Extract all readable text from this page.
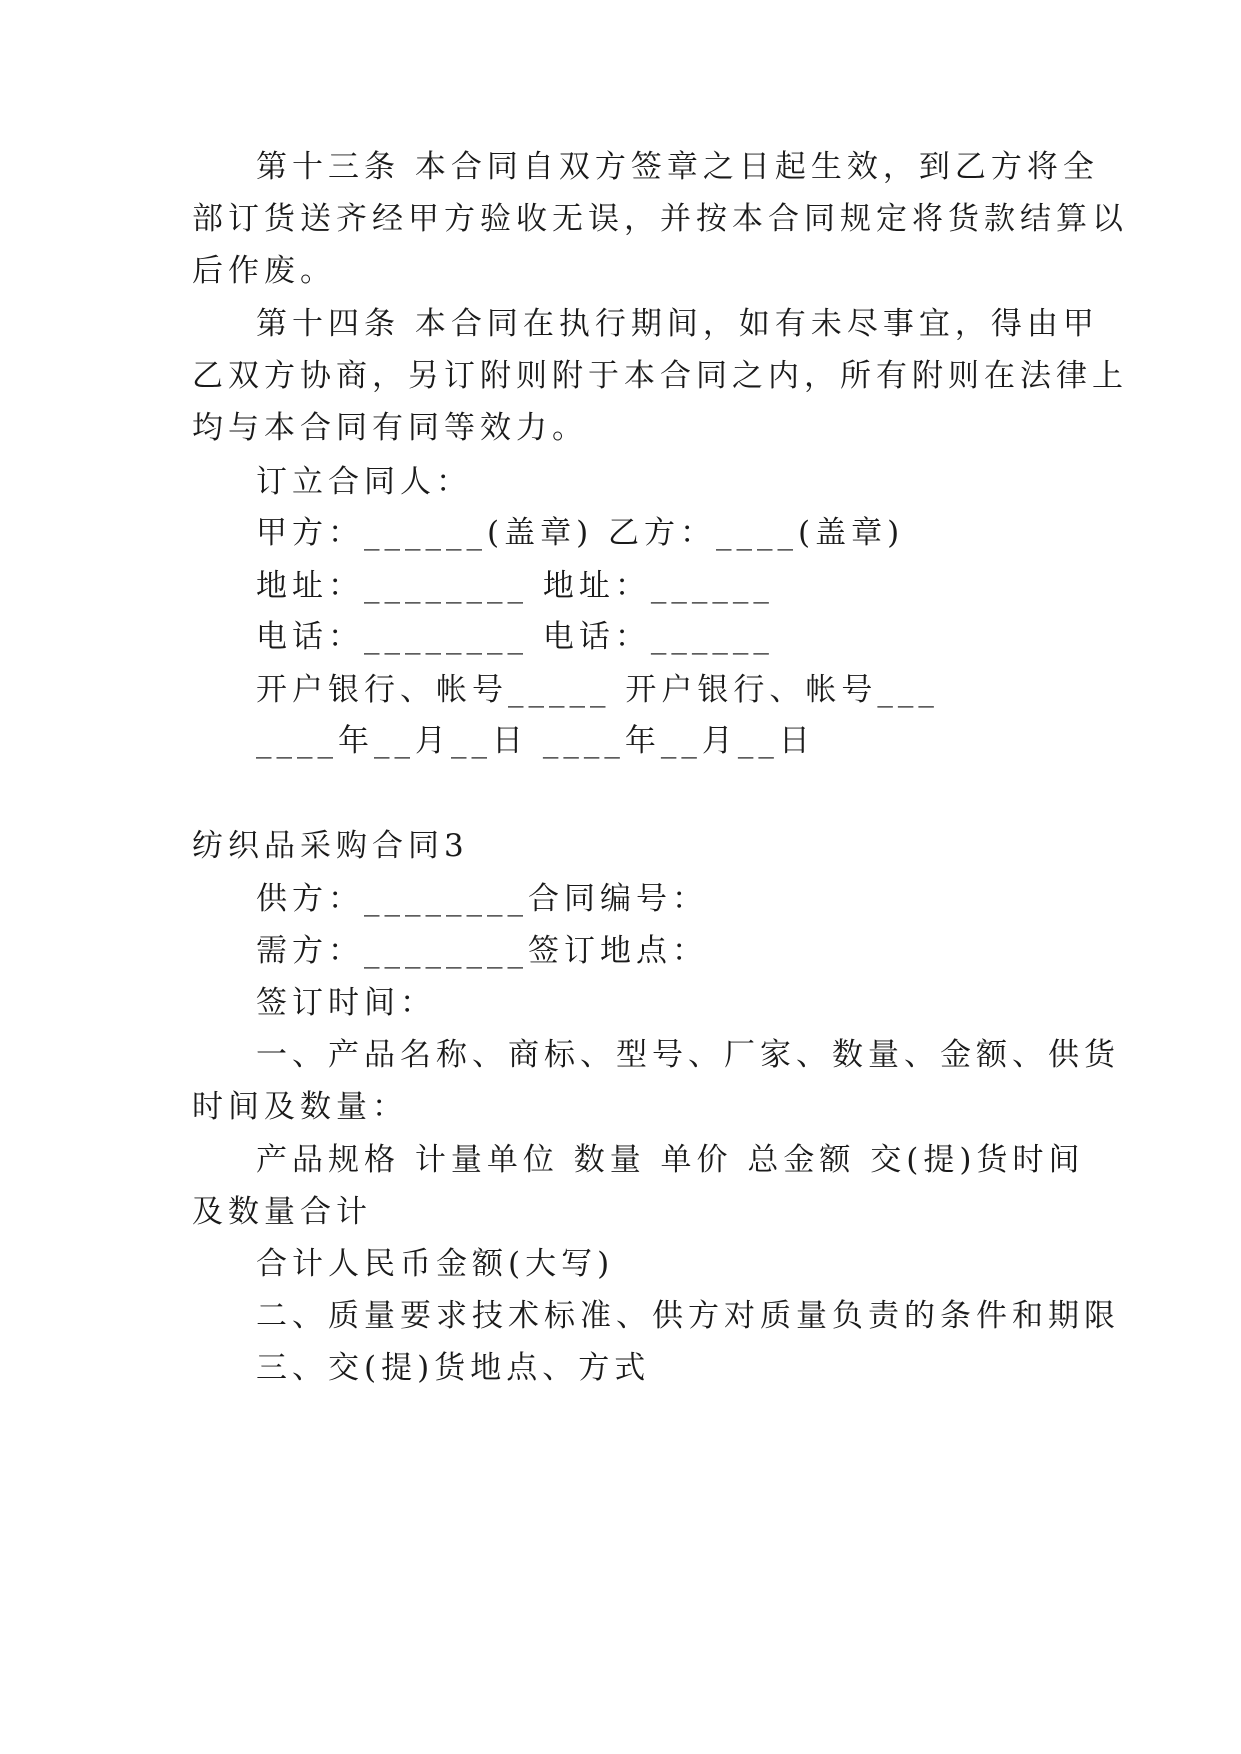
第十三条 本合同自双方签章之日起生效，到乙方将全
部订货送齐经甲方验收无误，并按本合同规定将货款结算以
后作废。
第十四条 本合同在执行期间，如有未尽事宜，得由甲
乙双方协商，另订附则附于本合同之内，所有附则在法律上
均与本合同有同等效力。
订立合同人：
甲方：______(盖章) 乙方：____(盖章)
地址：________ 地址：______
电话：________ 电话：______
开户银行、帐号_____ 开户银行、帐号___
____年__月__日 ____年__月__日
纺织品采购合同3
供方：________合同编号：
需方：________签订地点：
签订时间：
一、产品名称、商标、型号、厂家、数量、金额、供货
时间及数量：
产品规格 计量单位 数量 单价 总金额 交(提)货时间
及数量合计
合计人民币金额(大写)
二、质量要求技术标准、供方对质量负责的条件和期限
三、交(提)货地点、方式
